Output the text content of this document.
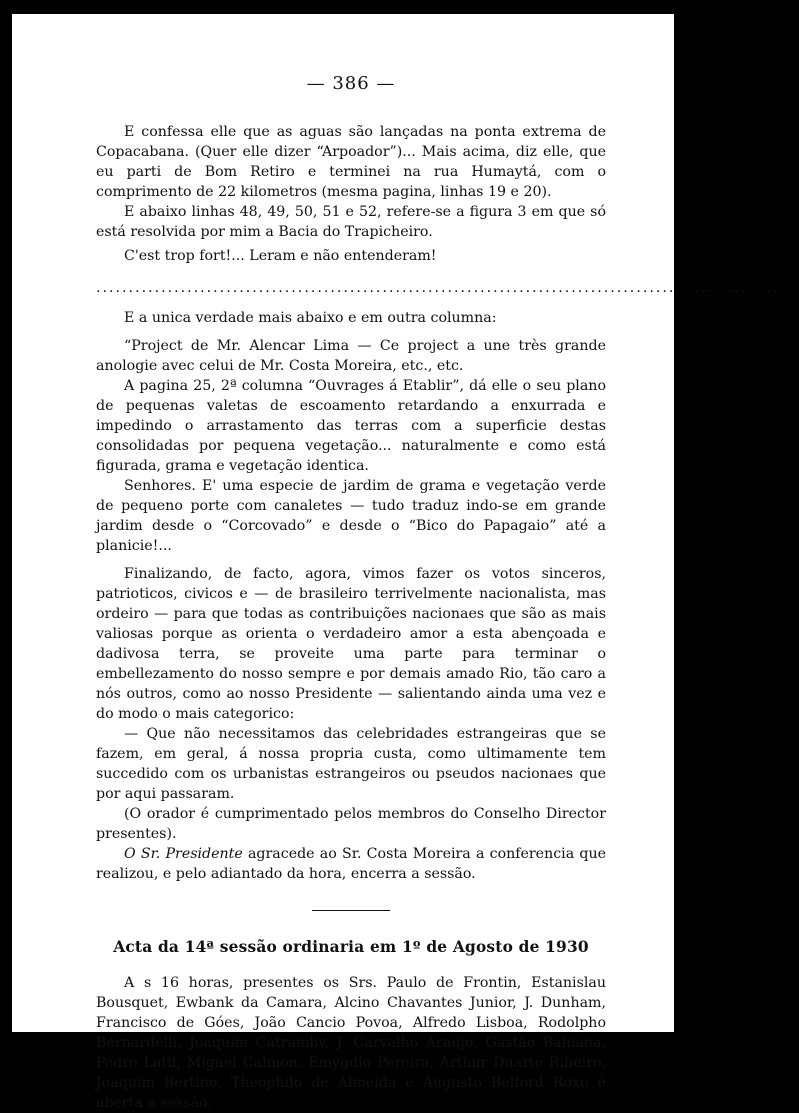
— 386 —

E confessa elle que as aguas são lançadas na ponta extrema de Copacabana. (Quer elle dizer “Arpoador”)... Mais acima, diz elle, que eu parti de Bom Retiro e terminei na rua Humaytá, com o comprimento de 22 kilometros (mesma pagina, linhas 19 e 20).

E abaixo linhas 48, 49, 50, 51 e 52, refere-se a figura 3 em que só está resolvida por mim a Bacia do Trapicheiro.

C'est trop fort!... Leram e não entenderam!

............................................................................................................

E a unica verdade mais abaixo e em outra columna:

“Project de Mr. Alencar Lima — Ce project a une très grande anologie avec celui de Mr. Costa Moreira, etc., etc.

A pagina 25, 2ª columna “Ouvrages á Etablir”, dá elle o seu plano de pequenas valetas de escoamento retardando a enxurrada e impedindo o arrastamento das terras com a superficie destas consolidadas por pequena vegetação... naturalmente e como está figurada, grama e vegetação identica.

Senhores. E' uma especie de jardim de grama e vegetação verde de pequeno porte com canaletes — tudo traduz indo-se em grande jardim desde o “Corcovado” e desde o “Bico do Papagaio” até a planicie!...

Finalizando, de facto, agora, vimos fazer os votos sinceros, patrioticos, civicos e — de brasileiro terrivelmente nacionalista, mas ordeiro — para que todas as contribuições nacionaes que são as mais valiosas porque as orienta o verdadeiro amor a esta abençoada e dadivosa terra, se proveite uma parte para terminar o embellezamento do nosso sempre e por demais amado Rio, tão caro a nós outros, como ao nosso Presidente — salientando ainda uma vez e do modo o mais categorico:

— Que não necessitamos das celebridades estrangeiras que se fazem, em geral, á nossa propria custa, como ultimamente tem succedido com os urbanistas estrangeiros ou pseudos nacionaes que por aqui passaram.

(O orador é cumprimentado pelos membros do Conselho Director presentes).

O Sr. Presidente agracede ao Sr. Costa Moreira a conferencia que realizou, e pelo adiantado da hora, encerra a sessão.

Acta da 14ª sessão ordinaria em 1º de Agosto de 1930

A s 16 horas, presentes os Srs. Paulo de Frontin, Estanislau Bousquet, Ewbank da Camara, Alcino Chavantes Junior, J. Dunham, Francisco de Góes, João Cancio Povoa, Alfredo Lisboa, Rodolpho Bernardelli, Joaquim Catramby, J. Carvalho Araujo, Gastão Bahiana, Pedro Latif, Miguel Calmon, Emygdio Pereira, Arthur Duarte Ribeiro, Joaquim Bertino, Theophilo de Almeida e Augusto Belford Roxo é aberta a sessão.
